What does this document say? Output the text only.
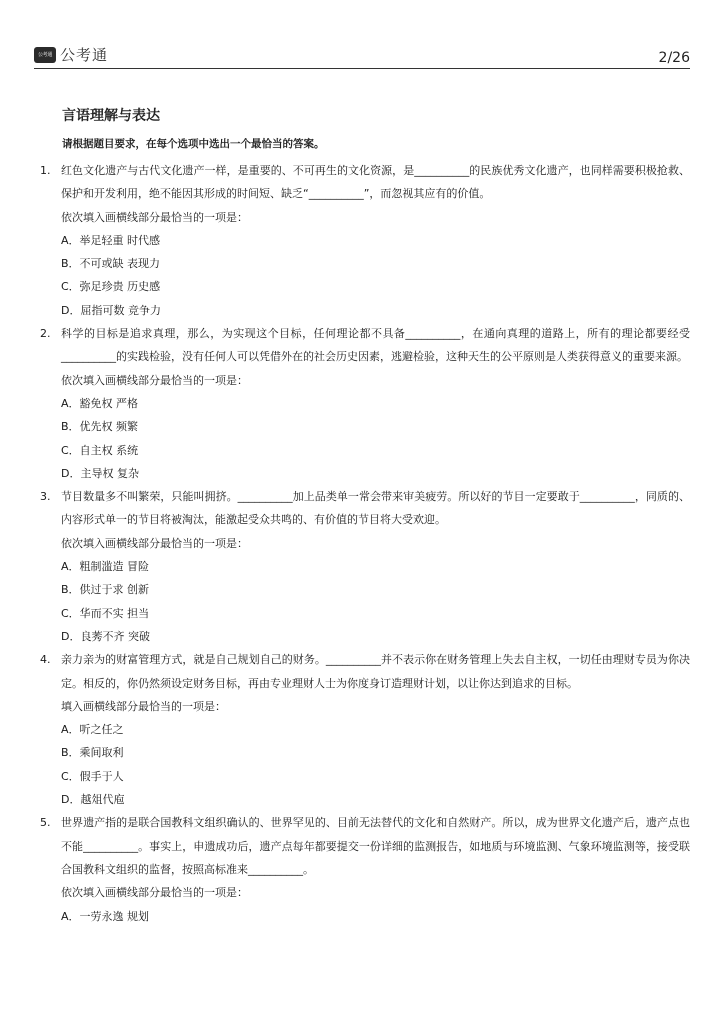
公考通 公考通	2/26
言语理解与表达
请根据题目要求，在每个选项中选出一个最恰当的答案。
1. 红色文化遗产与古代文化遗产一样，是重要的、不可再生的文化资源，是__________的民族优秀文化遗产，也同样需要积极抢救、保护和开发利用，绝不能因其形成的时间短、缺乏“__________”，而忽视其应有的价值。
依次填入画横线部分最恰当的一项是：
A．举足轻重 时代感
B．不可或缺 表现力
C．弥足珍贵 历史感
D．屈指可数 竞争力
2. 科学的目标是追求真理，那么，为实现这个目标，任何理论都不具备__________，在通向真理的道路上，所有的理论都要经受__________的实践检验，没有任何人可以凭借外在的社会历史因素，逃避检验，这种天生的公平原则是人类获得意义的重要来源。
依次填入画横线部分最恰当的一项是：
A．豁免权 严格
B．优先权 频繁
C．自主权 系统
D．主导权 复杂
3. 节目数量多不叫繁荣，只能叫拥挤。__________加上品类单一常会带来审美疲劳。所以好的节目一定要敢于__________，同质的、内容形式单一的节目将被淘汰，能激起受众共鸣的、有价值的节目将大受欢迎。
依次填入画横线部分最恰当的一项是：
A．粗制滥造 冒险
B．供过于求 创新
C．华而不实 担当
D．良莠不齐 突破
4. 亲力亲为的财富管理方式，就是自己规划自己的财务。__________并不表示你在财务管理上失去自主权，一切任由理财专员为你决定。相反的，你仍然须设定财务目标，再由专业理财人士为你度身订造理财计划，以让你达到追求的目标。
填入画横线部分最恰当的一项是：
A．听之任之
B．乘间取利
C．假手于人
D．越俎代庖
5. 世界遗产指的是联合国教科文组织确认的、世界罕见的、目前无法替代的文化和自然财产。所以，成为世界文化遗产后，遗产点也不能__________。事实上，申遗成功后，遗产点每年都要提交一份详细的监测报告，如地质与环境监测、气象环境监测等，接受联合国教科文组织的监督，按照高标准来__________。
依次填入画横线部分最恰当的一项是：
A．一劳永逸 规划
